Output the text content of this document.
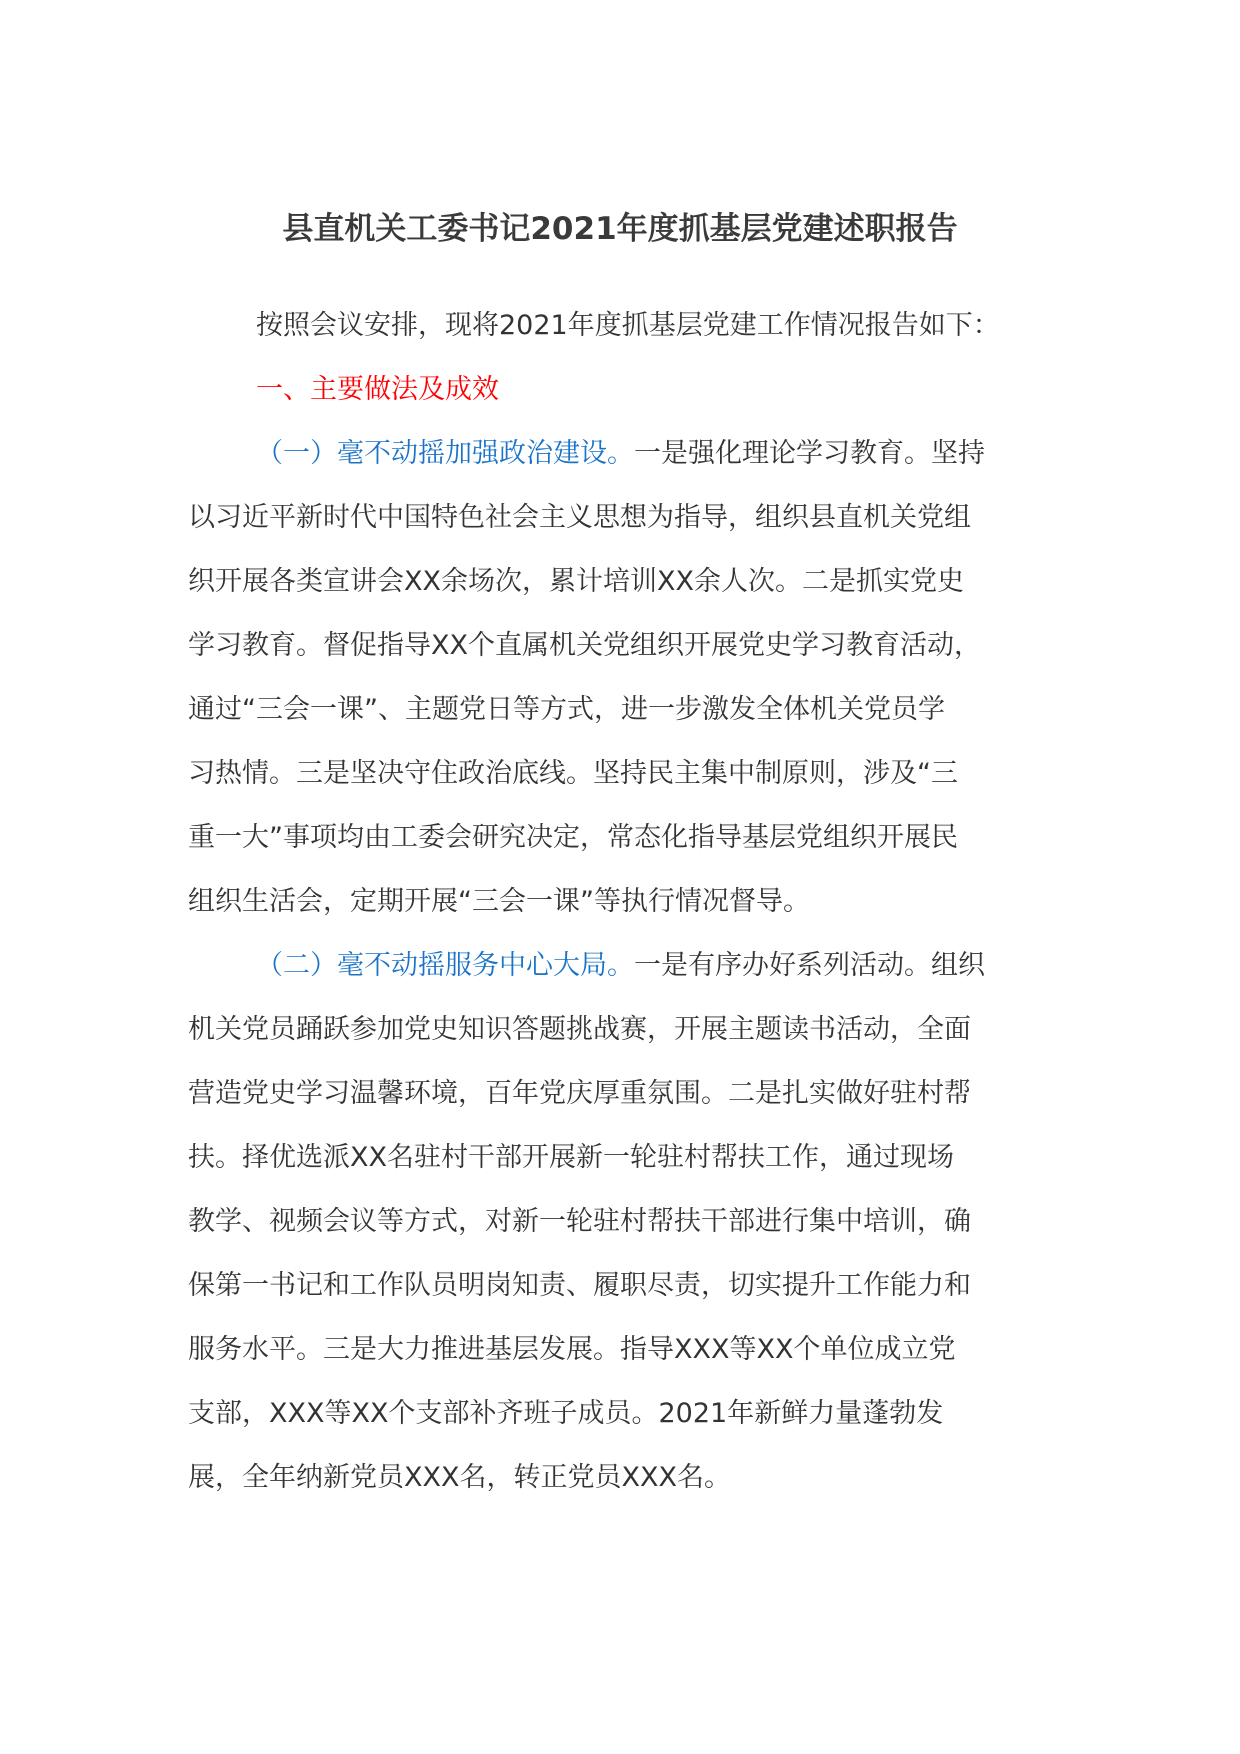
县直机关工委书记2021年度抓基层党建述职报告
按照会议安排，现将2021年度抓基层党建工作情况报告如下：
一、主要做法及成效
（一）毫不动摇加强政治建设。一是强化理论学习教育。坚持
以习近平新时代中国特色社会主义思想为指导，组织县直机关党组
织开展各类宣讲会XX余场次，累计培训XX余人次。二是抓实党史
学习教育。督促指导XX个直属机关党组织开展党史学习教育活动，
通过“三会一课”、主题党日等方式，进一步激发全体机关党员学
习热情。三是坚决守住政治底线。坚持民主集中制原则，涉及“三
重一大”事项均由工委会研究决定，常态化指导基层党组织开展民
组织生活会，定期开展“三会一课”等执行情况督导。
（二）毫不动摇服务中心大局。一是有序办好系列活动。组织
机关党员踊跃参加党史知识答题挑战赛，开展主题读书活动，全面
营造党史学习温馨环境，百年党庆厚重氛围。二是扎实做好驻村帮
扶。择优选派XX名驻村干部开展新一轮驻村帮扶工作，通过现场
教学、视频会议等方式，对新一轮驻村帮扶干部进行集中培训，确
保第一书记和工作队员明岗知责、履职尽责，切实提升工作能力和
服务水平。三是大力推进基层发展。指导XXX等XX个单位成立党
支部，XXX等XX个支部补齐班子成员。2021年新鲜力量蓬勃发
展，全年纳新党员XXX名，转正党员XXX名。
